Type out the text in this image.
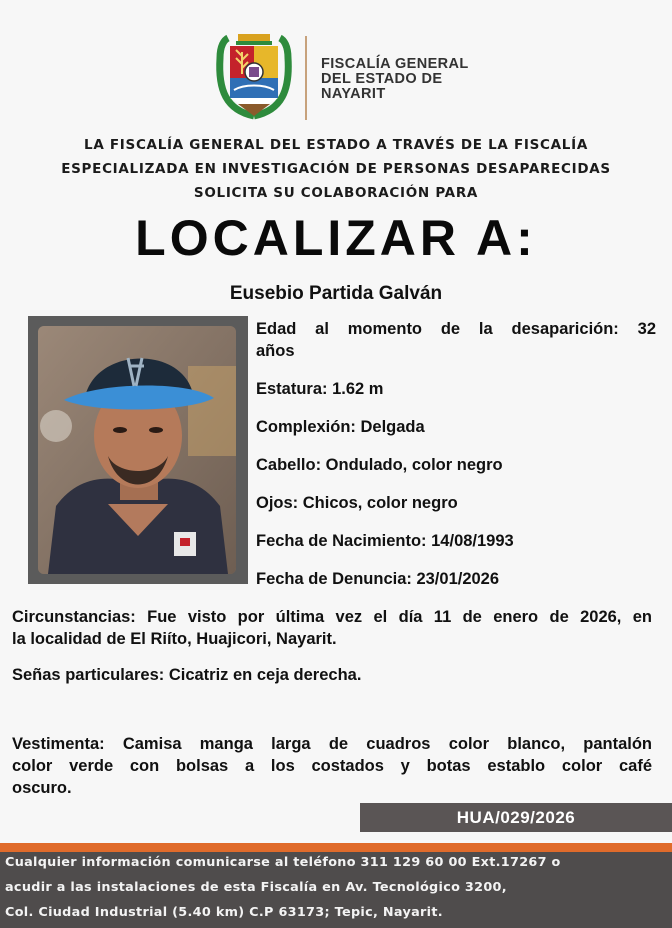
FISCALÍA GENERAL
DEL ESTADO DE
NAYARIT
LA FISCALÍA GENERAL DEL ESTADO A TRAVÉS DE LA FISCALÍA
ESPECIALIZADA EN INVESTIGACIÓN DE PERSONAS DESAPARECIDAS
SOLICITA SU COLABORACIÓN PARA
LOCALIZAR A:
Eusebio Partida Galván
Edad al momento de la desaparición: 32
años
Estatura: 1.62 m
Complexión: Delgada
Cabello: Ondulado, color negro
Ojos: Chicos, color negro
Fecha de Nacimiento: 14/08/1993
Fecha de Denuncia: 23/01/2026
Circunstancias: Fue visto por última vez el día 11 de enero de 2026, en
la localidad de El Riíto, Huajicori, Nayarit.
Señas particulares: Cicatriz en ceja derecha.
Vestimenta: Camisa manga larga de cuadros color blanco, pantalón
color verde con bolsas a los costados y botas establo color café
oscuro.
HUA/029/2026
Cualquier información comunicarse al teléfono 311 129 60 00 Ext.17267 o
acudir a las instalaciones de esta Fiscalía en Av. Tecnológico 3200,
Col. Ciudad Industrial (5.40 km) C.P 63173; Tepic, Nayarit.
